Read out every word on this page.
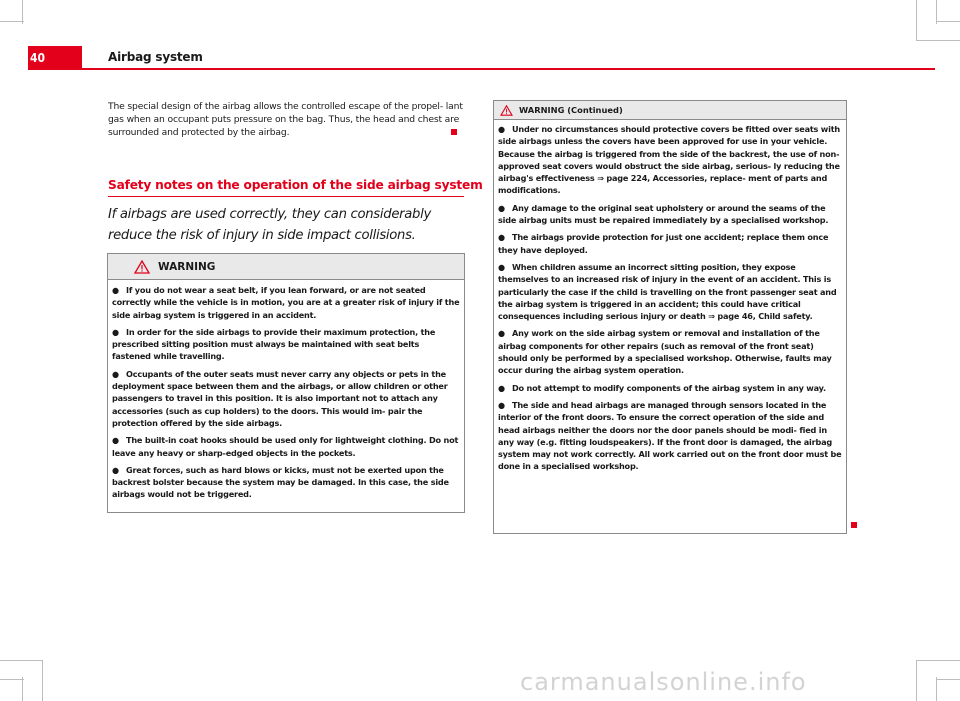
40	Airbag system

The special design of the airbag allows the controlled escape of the propel- lant gas when an occupant puts pressure on the bag. Thus, the head and chest are surrounded and protected by the airbag.

Safety notes on the operation of the side airbag system
If airbags are used correctly, they can considerably reduce the risk of injury in side impact collisions.
WARNING

● If you do not wear a seat belt, if you lean forward, or are not seated correctly while the vehicle is in motion, you are at a greater risk of injury if the side airbag system is triggered in an accident.

● In order for the side airbags to provide their maximum protection, the prescribed sitting position must always be maintained with seat belts fastened while travelling.

● Occupants of the outer seats must never carry any objects or pets in the deployment space between them and the airbags, or allow children or other passengers to travel in this position. It is also important not to attach any accessories (such as cup holders) to the doors. This would im- pair the protection offered by the side airbags.

● The built-in coat hooks should be used only for lightweight clothing. Do not leave any heavy or sharp-edged objects in the pockets.

● Great forces, such as hard blows or kicks, must not be exerted upon the backrest bolster because the system may be damaged. In this case, the side airbags would not be triggered.

WARNING (Continued)

● Under no circumstances should protective covers be fitted over seats with side airbags unless the covers have been approved for use in your vehicle. Because the airbag is triggered from the side of the backrest, the use of non-approved seat covers would obstruct the side airbag, serious- ly reducing the airbag's effectiveness ⇒ page 224, Accessories, replace- ment of parts and modifications.

● Any damage to the original seat upholstery or around the seams of the side airbag units must be repaired immediately by a specialised workshop.

● The airbags provide protection for just one accident; replace them once they have deployed.

● When children assume an incorrect sitting position, they expose themselves to an increased risk of injury in the event of an accident. This is particularly the case if the child is travelling on the front passenger seat and the airbag system is triggered in an accident; this could have critical consequences including serious injury or death ⇒ page 46, Child safety.

● Any work on the side airbag system or removal and installation of the airbag components for other repairs (such as removal of the front seat) should only be performed by a specialised workshop. Otherwise, faults may occur during the airbag system operation.

● Do not attempt to modify components of the airbag system in any way.

● The side and head airbags are managed through sensors located in the interior of the front doors. To ensure the correct operation of the side and head airbags neither the doors nor the door panels should be modi- fied in any way (e.g. fitting loudspeakers). If the front door is damaged, the airbag system may not work correctly. All work carried out on the front door must be done in a specialised workshop.

carmanualsonline.info
